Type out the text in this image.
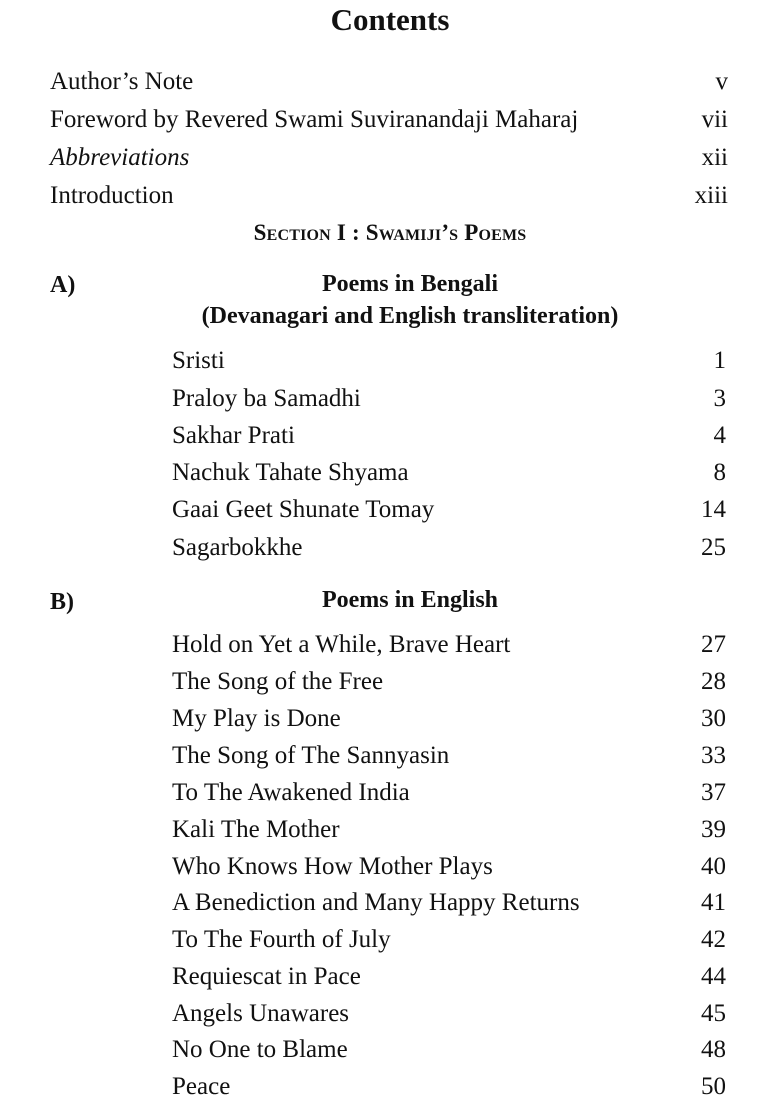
Contents
Author’s Note	v
Foreword by Revered Swami Suviranandaji Maharaj	vii
Abbreviations	xii
Introduction	xiii
Section I : Swamiji’s Poems
A)	Poems in Bengali
(Devanagari and English transliteration)
Sristi	1
Praloy ba Samadhi	3
Sakhar Prati	4
Nachuk Tahate Shyama	8
Gaai Geet Shunate Tomay	14
Sagarbokkhe	25
B)	Poems in English
Hold on Yet a While, Brave Heart	27
The Song of the Free	28
My Play is Done	30
The Song of The Sannyasin	33
To The Awakened India	37
Kali The Mother	39
Who Knows How Mother Plays	40
A Benediction and Many Happy Returns	41
To The Fourth of July	42
Requiescat in Pace	44
Angels Unawares	45
No One to Blame	48
Peace	50
